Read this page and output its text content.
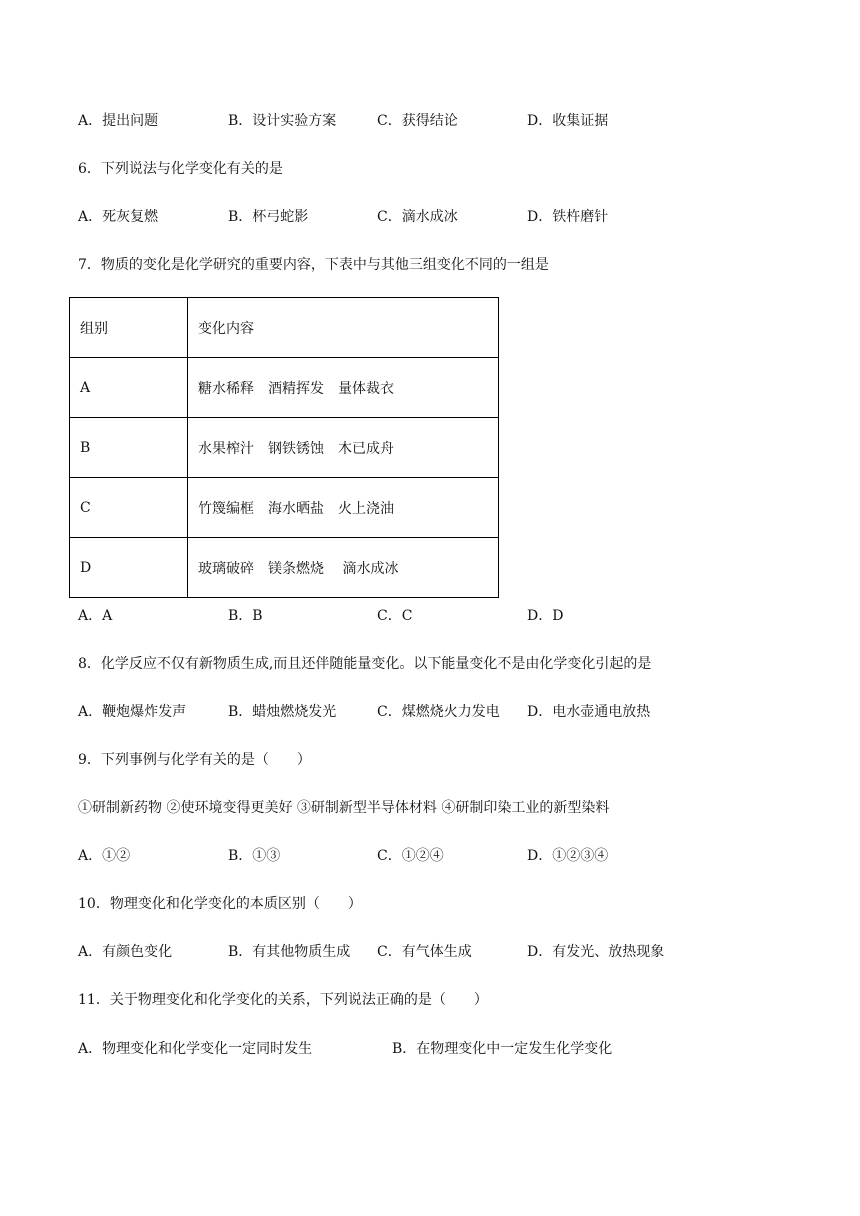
A．提出问题	B．设计实验方案	C．获得结论	D．收集证据
6．下列说法与化学变化有关的是
A．死灰复燃	B．杯弓蛇影	C．滴水成冰	D．铁杵磨针
7．物质的变化是化学研究的重要内容，下表中与其他三组变化不同的一组是
组别	变化内容
A	糖水稀释　酒精挥发　量体裁衣
B	水果榨汁　钢铁锈蚀　木已成舟
C	竹篾编框　海水晒盐　火上浇油
D	玻璃破碎　镁条燃烧　 滴水成冰
A．A	B．B	C．C	D．D
8．化学反应不仅有新物质生成,而且还伴随能量变化。以下能量变化不是由化学变化引起的是
A．鞭炮爆炸发声	B．蜡烛燃烧发光	C．煤燃烧火力发电 D．电水壶通电放热
9．下列事例与化学有关的是（　　）
①研制新药物 ②使环境变得更美好 ③研制新型半导体材料 ④研制印染工业的新型染料
A．①②	B．①③	C．①②④	D．①②③④
10．物理变化和化学变化的本质区别（　　）
A．有颜色变化	B．有其他物质生成 C．有气体生成	D．有发光、放热现象
11．关于物理变化和化学变化的关系，下列说法正确的是（　　）
A．物理变化和化学变化一定同时发生	B．在物理变化中一定发生化学变化
